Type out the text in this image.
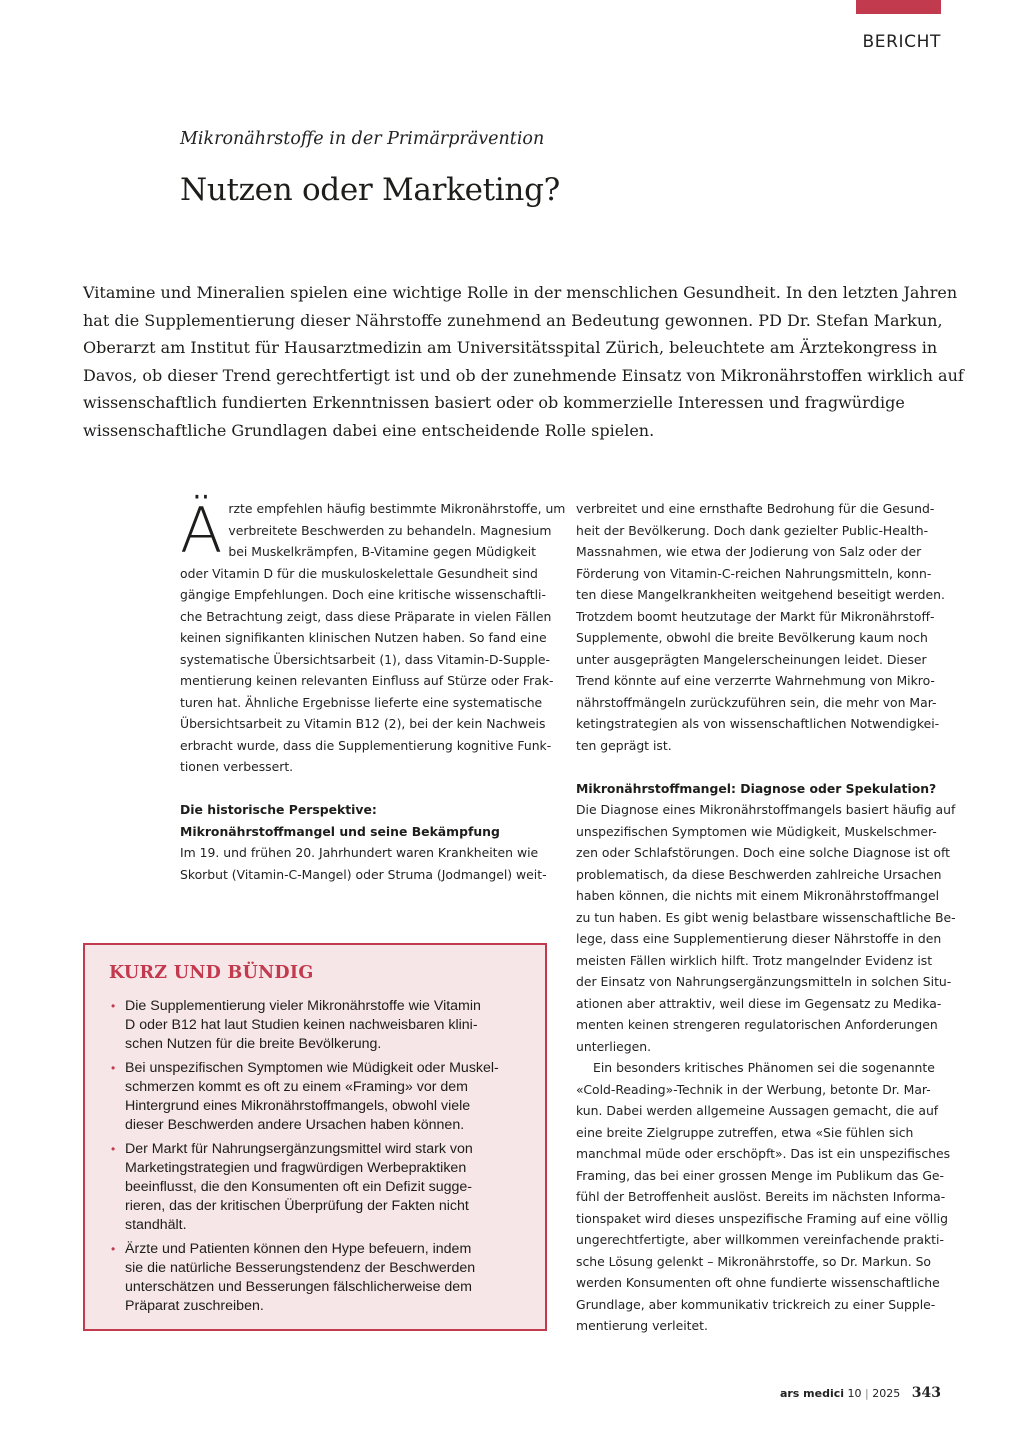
BERICHT
Mikronährstoffe in der Primärprävention
Nutzen oder Marketing?
Vitamine und Mineralien spielen eine wichtige Rolle in der menschlichen Gesundheit. In den letzten Jahren
hat die Supplementierung dieser Nährstoffe zunehmend an Bedeutung gewonnen. PD Dr. Stefan Markun,
Oberarzt am Institut für Hausarztmedizin am Universitätsspital Zürich, beleuchtete am Ärztekongress in
Davos, ob dieser Trend gerechtfertigt ist und ob der zunehmende Einsatz von Mikronährstoffen wirklich auf
wissenschaftlich fundierten Erkenntnissen basiert oder ob kommerzielle Interessen und fragwürdige
wissenschaftliche Grundlagen dabei eine entscheidende Rolle spielen.
Ä rzte empfehlen häufig bestimmte Mikronährstoffe, um
verbreitete Beschwerden zu behandeln. Magnesium
bei Muskelkrämpfen, B-Vitamine gegen Müdigkeit
oder Vitamin D für die muskuloskelettale Gesundheit sind
gängige Empfehlungen. Doch eine kritische wissenschaftli-
che Betrachtung zeigt, dass diese Präparate in vielen Fällen
keinen signifikanten klinischen Nutzen haben. So fand eine
systematische Übersichtsarbeit (1), dass Vitamin-D-Supple-
mentierung keinen relevanten Einfluss auf Stürze oder Frak-
turen hat. Ähnliche Ergebnisse lieferte eine systematische
Übersichtsarbeit zu Vitamin B12 (2), bei der kein Nachweis
erbracht wurde, dass die Supplementierung kognitive Funk-
tionen verbessert.
Die historische Perspektive:
Mikronährstoffmangel und seine Bekämpfung
Im 19. und frühen 20. Jahrhundert waren Krankheiten wie
Skorbut (Vitamin-C-Mangel) oder Struma (Jodmangel) weit-
verbreitet und eine ernsthafte Bedrohung für die Gesund-
heit der Bevölkerung. Doch dank gezielter Public-Health-
Massnahmen, wie etwa der Jodierung von Salz oder der
Förderung von Vitamin-C-reichen Nahrungsmitteln, konn-
ten diese Mangelkrankheiten weitgehend beseitigt werden.
Trotzdem boomt heutzutage der Markt für Mikronährstoff-
Supplemente, obwohl die breite Bevölkerung kaum noch
unter ausgeprägten Mangelerscheinungen leidet. Dieser
Trend könnte auf eine verzerrte Wahrnehmung von Mikro-
nährstoffmängeln zurückzuführen sein, die mehr von Mar-
ketingstrategien als von wissenschaftlichen Notwendigkei-
ten geprägt ist.
Mikronährstoffmangel: Diagnose oder Spekulation?
Die Diagnose eines Mikronährstoffmangels basiert häufig auf
unspezifischen Symptomen wie Müdigkeit, Muskelschmer-
zen oder Schlafstörungen. Doch eine solche Diagnose ist oft
problematisch, da diese Beschwerden zahlreiche Ursachen
haben können, die nichts mit einem Mikronährstoffmangel
zu tun haben. Es gibt wenig belastbare wissenschaftliche Be-
lege, dass eine Supplementierung dieser Nährstoffe in den
meisten Fällen wirklich hilft. Trotz mangelnder Evidenz ist
der Einsatz von Nahrungsergänzungsmitteln in solchen Situ-
ationen aber attraktiv, weil diese im Gegensatz zu Medika-
menten keinen strengeren regulatorischen Anforderungen
unterliegen.
Ein besonders kritisches Phänomen sei die sogenannte
«Cold-Reading»-Technik in der Werbung, betonte Dr. Mar-
kun. Dabei werden allgemeine Aussagen gemacht, die auf
eine breite Zielgruppe zutreffen, etwa «Sie fühlen sich
manchmal müde oder erschöpft». Das ist ein unspezifisches
Framing, das bei einer grossen Menge im Publikum das Ge-
fühl der Betroffenheit auslöst. Bereits im nächsten Informa-
tionspaket wird dieses unspezifische Framing auf eine völlig
ungerechtfertigte, aber willkommen vereinfachende prakti-
sche Lösung gelenkt – Mikronährstoffe, so Dr. Markun. So
werden Konsumenten oft ohne fundierte wissenschaftliche
Grundlage, aber kommunikativ trickreich zu einer Supple-
mentierung verleitet.
KURZ UND BÜNDIG
• Die Supplementierung vieler Mikronährstoffe wie Vitamin
D oder B12 hat laut Studien keinen nachweisbaren klini-
schen Nutzen für die breite Bevölkerung.
• Bei unspezifischen Symptomen wie Müdigkeit oder Muskel-
schmerzen kommt es oft zu einem «Framing» vor dem
Hintergrund eines Mikronährstoffmangels, obwohl viele
dieser Beschwerden andere Ursachen haben können.
• Der Markt für Nahrungsergänzungsmittel wird stark von
Marketingstrategien und fragwürdigen Werbepraktiken
beeinflusst, die den Konsumenten oft ein Defizit sugge-
rieren, das der kritischen Überprüfung der Fakten nicht
standhält.
• Ärzte und Patienten können den Hype befeuern, indem
sie die natürliche Besserungstendenz der Beschwerden
unterschätzen und Besserungen fälschlicherweise dem
Präparat zuschreiben.
ars medici 10 | 2025 343
